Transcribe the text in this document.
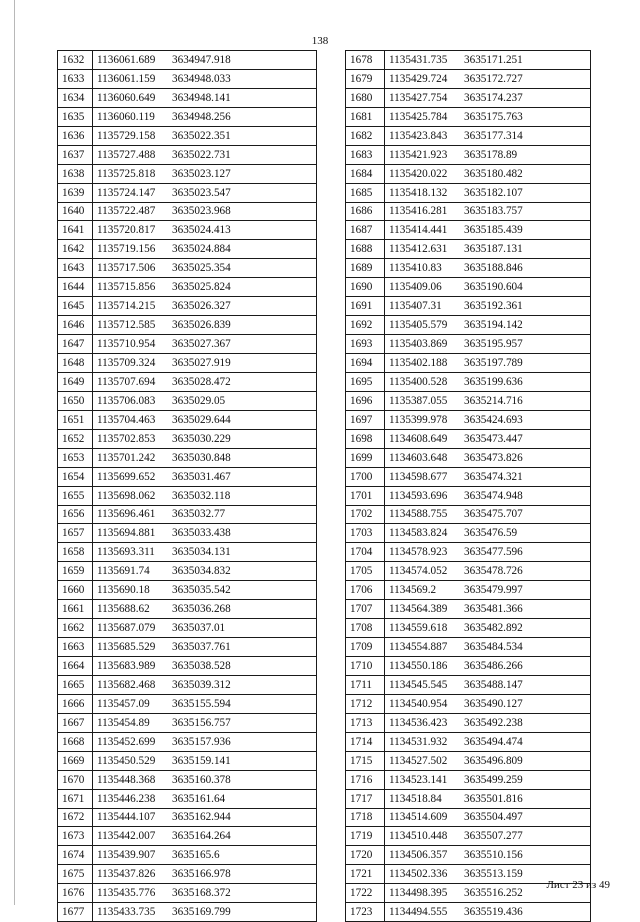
138
1632	1136061.689 3634947.918
1633	1136061.159 3634948.033
1634	1136060.649 3634948.141
1635	1136060.119 3634948.256
1636	1135729.158 3635022.351
1637	1135727.488 3635022.731
1638	1135725.818 3635023.127
1639	1135724.147 3635023.547
1640	1135722.487 3635023.968
1641	1135720.817 3635024.413
1642	1135719.156 3635024.884
1643	1135717.506 3635025.354
1644	1135715.856 3635025.824
1645	1135714.215 3635026.327
1646	1135712.585 3635026.839
1647	1135710.954 3635027.367
1648	1135709.324 3635027.919
1649	1135707.694 3635028.472
1650	1135706.083 3635029.05
1651	1135704.463 3635029.644
1652	1135702.853 3635030.229
1653	1135701.242 3635030.848
1654	1135699.652 3635031.467
1655	1135698.062 3635032.118
1656	1135696.461 3635032.77
1657	1135694.881 3635033.438
1658	1135693.311 3635034.131
1659	1135691.74 3635034.832
1660	1135690.18 3635035.542
1661	1135688.62 3635036.268
1662	1135687.079 3635037.01
1663	1135685.529 3635037.761
1664	1135683.989 3635038.528
1665	1135682.468 3635039.312
1666	1135457.09 3635155.594
1667	1135454.89 3635156.757
1668	1135452.699 3635157.936
1669	1135450.529 3635159.141
1670	1135448.368 3635160.378
1671	1135446.238 3635161.64
1672	1135444.107 3635162.944
1673	1135442.007 3635164.264
1674	1135439.907 3635165.6
1675	1135437.826 3635166.978
1676	1135435.776 3635168.372
1677	1135433.735 3635169.799
1678	1135431.735 3635171.251
1679	1135429.724 3635172.727
1680	1135427.754 3635174.237
1681	1135425.784 3635175.763
1682	1135423.843 3635177.314
1683	1135421.923 3635178.89
1684	1135420.022 3635180.482
1685	1135418.132 3635182.107
1686	1135416.281 3635183.757
1687	1135414.441 3635185.439
1688	1135412.631 3635187.131
1689	1135410.83 3635188.846
1690	1135409.06 3635190.604
1691	1135407.31 3635192.361
1692	1135405.579 3635194.142
1693	1135403.869 3635195.957
1694	1135402.188 3635197.789
1695	1135400.528 3635199.636
1696	1135387.055 3635214.716
1697	1135399.978 3635424.693
1698	1134608.649 3635473.447
1699	1134603.648 3635473.826
1700	1134598.677 3635474.321
1701	1134593.696 3635474.948
1702	1134588.755 3635475.707
1703	1134583.824 3635476.59
1704	1134578.923 3635477.596
1705	1134574.052 3635478.726
1706	1134569.2 3635479.997
1707	1134564.389 3635481.366
1708	1134559.618 3635482.892
1709	1134554.887 3635484.534
1710	1134550.186 3635486.266
1711	1134545.545 3635488.147
1712	1134540.954 3635490.127
1713	1134536.423 3635492.238
1714	1134531.932 3635494.474
1715	1134527.502 3635496.809
1716	1134523.141 3635499.259
1717	1134518.84 3635501.816
1718	1134514.609 3635504.497
1719	1134510.448 3635507.277
1720	1134506.357 3635510.156
1721	1134502.336 3635513.159
1722	1134498.395 3635516.252
1723	1134494.555 3635519.436
Лист 23 из 49
